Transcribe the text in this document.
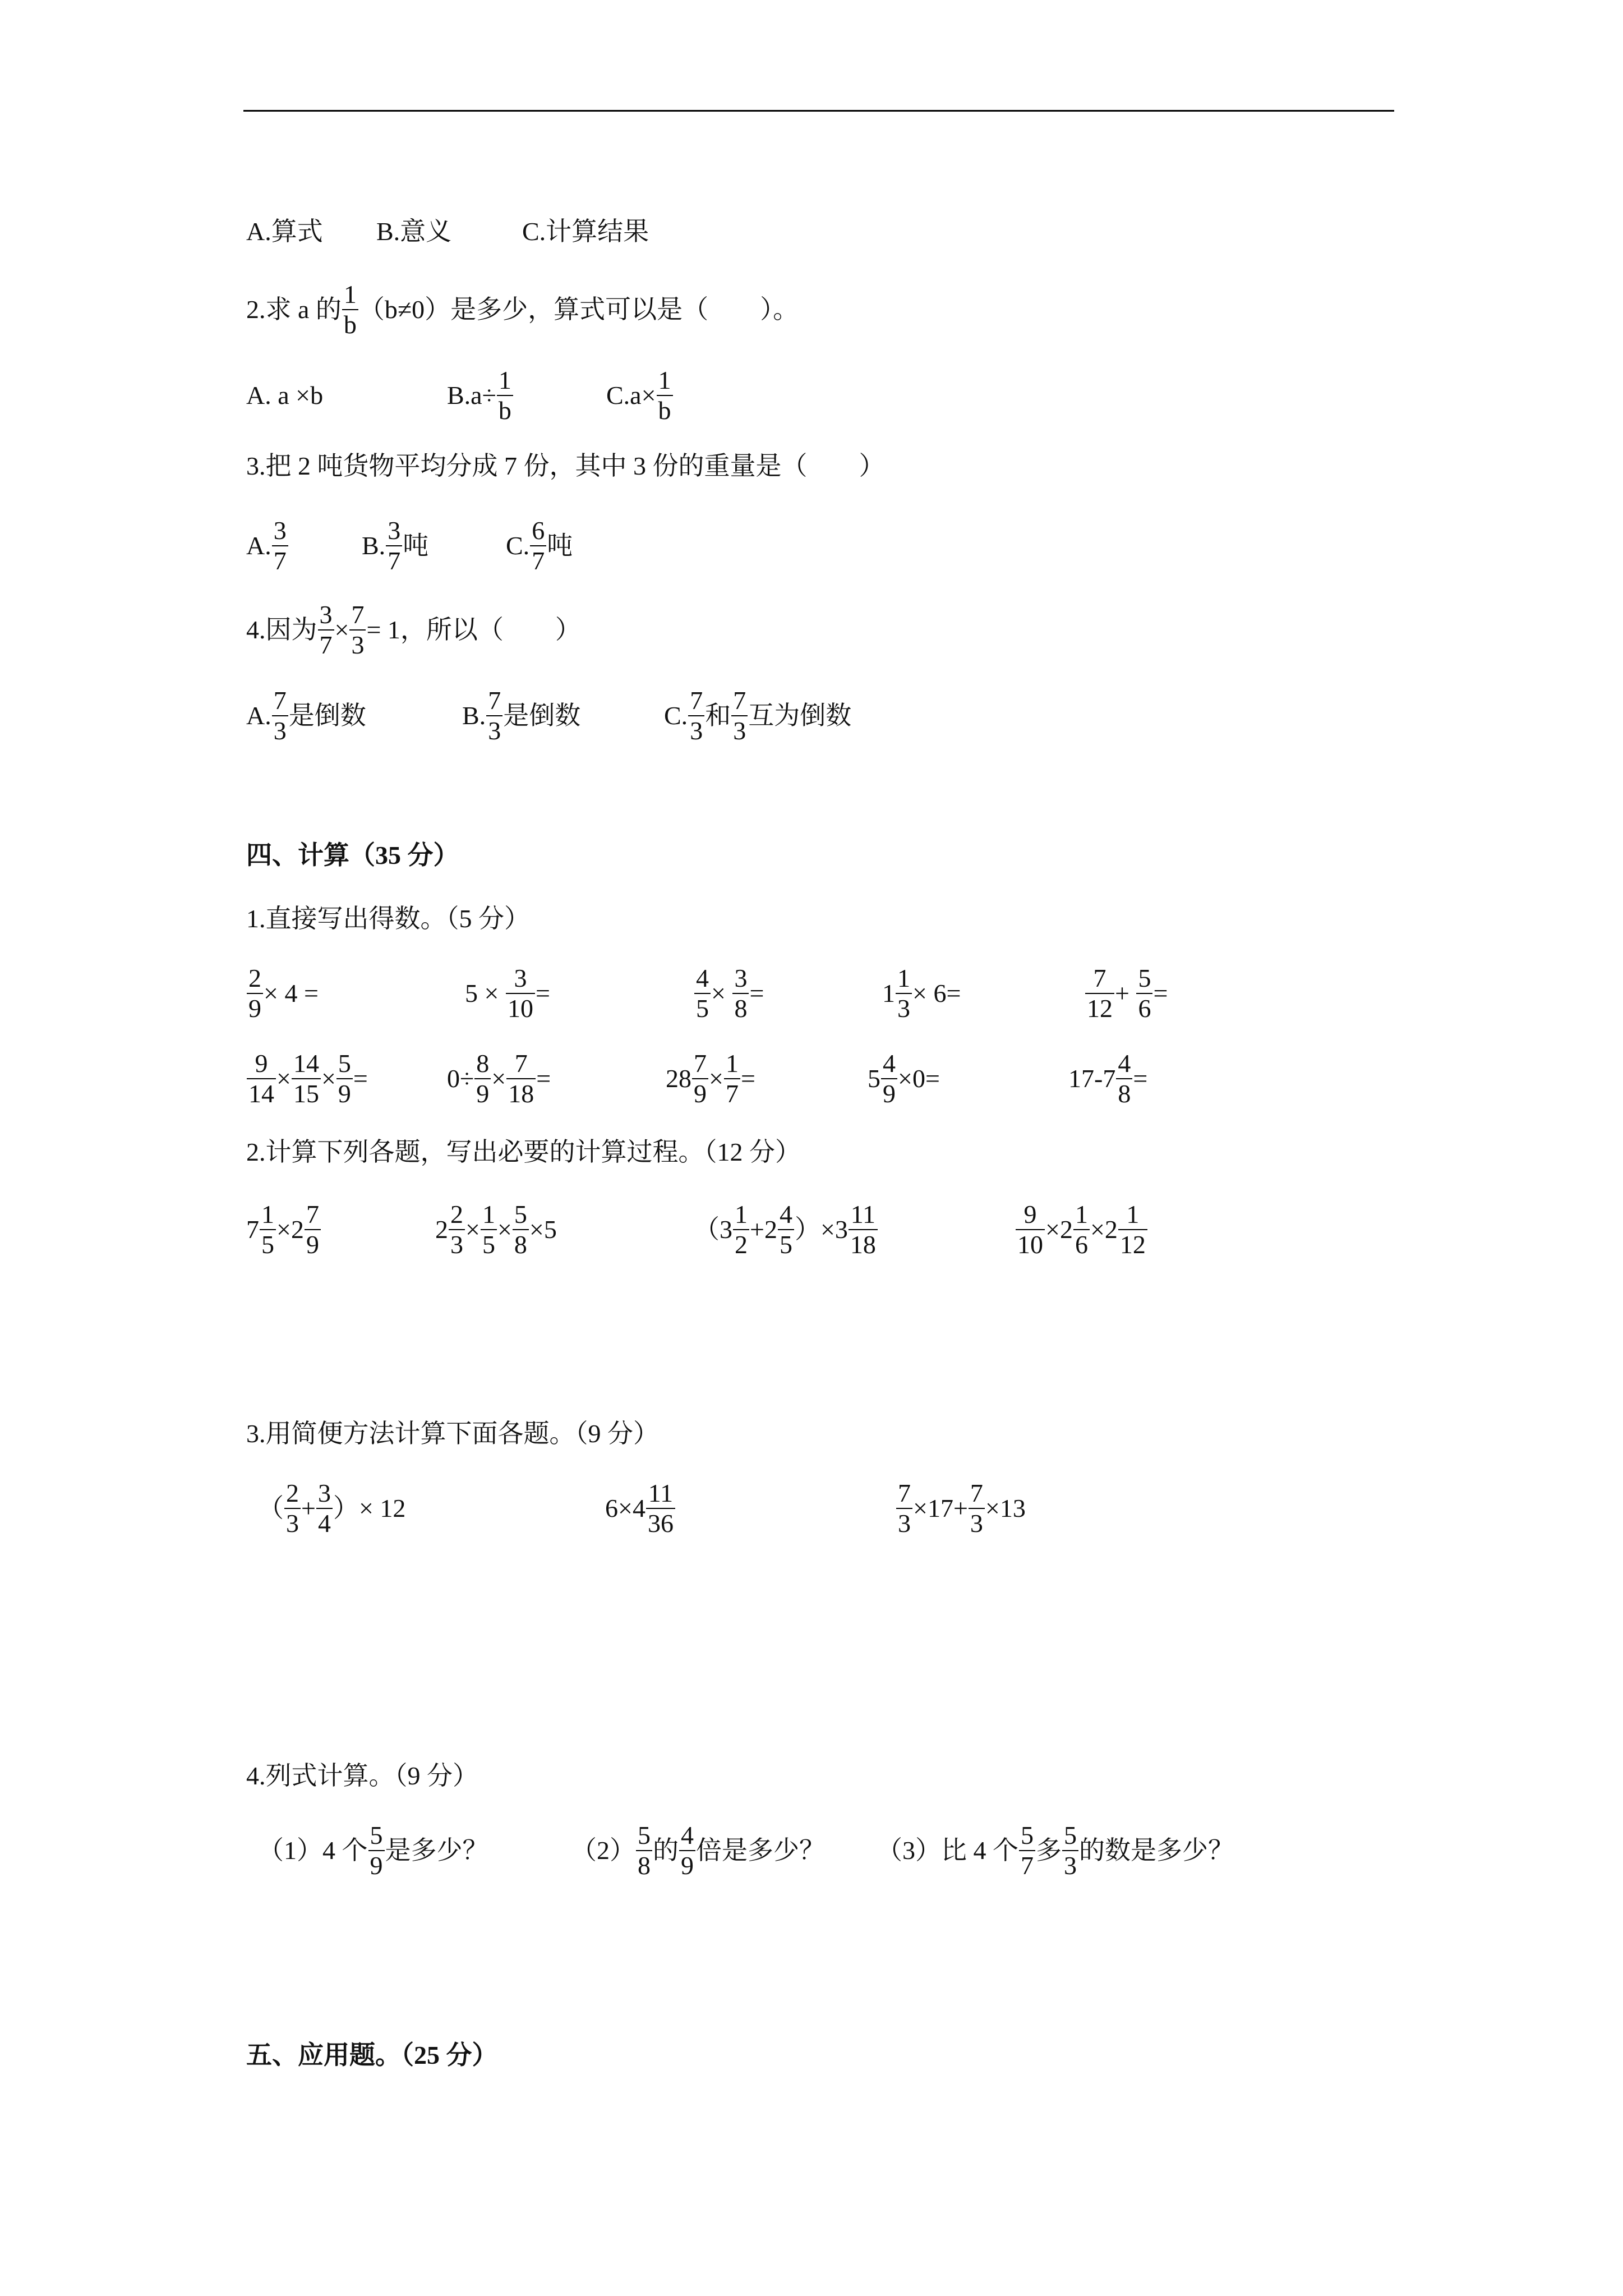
A.算式 B.意义	C.计算结果
2.求 a 的 $\frac{1}{b} (b\ne 0)$是多少，算式可以是（　　）。
A. a ×b	$B.a\div \frac{1}{b}$	$C.a\times \frac{1}{b}$
3.把 2 吨货物平均分成 7 份，其中 3 份的重量是（　　）
A. $\frac{3}{7}$	B. $\frac{3}{7}$ 吨	C. $\frac{6}{7}$ 吨
4.因为 $\frac{3}{7} \times \frac{7}{3} = 1$，所以（　　）
A. $\frac{7}{3}$ 是倒数	B. $\frac{7}{3}$ 是倒数	C. $\frac{7}{3}$ 和 $\frac{7}{3}$ 互为倒数
四、计算（35 分）
1.直接写出得数。（5 分）
$\frac{2}{9} \times 4$ =	$5 \times \frac{3}{10}$ =	$\frac{4}{5} \times \frac{3}{8}$ =	$1 \frac{1}{3} \times 6=$	$\frac{7}{12} + \frac{5}{6}$ =
$\frac{9}{14} \times \frac{14}{15} \times \frac{5}{9}$ =	$0\div \frac{8}{9} \times \frac{7}{18}$ =	$28 \frac{7}{9} \times \frac{1}{7}$ =	$5 \frac{4}{9} \times 0=$	$17-7 \frac{4}{8}$ =
2.计算下列各题，写出必要的计算过程。（12 分）
$7 \frac{1}{5} \times 2 \frac{7}{9}$	$2 \frac{2}{3} \times \frac{1}{5} \times \frac{5}{8} \times 5$	$(3 \frac{1}{2} +2 \frac{4}{5} )\times 3 \frac{11}{18}$	$\frac{9}{10} \times 2 \frac{1}{6} \times 2 \frac{1}{12}$
3.用简便方法计算下面各题。（9 分）
（ $\frac{2}{3} + \frac{3}{4}$ ）× 12	$6\times 4 \frac{11}{36}$	$\frac{7}{3} \times 17+ \frac{7}{3} \times 13$
4.列式计算。（9 分）
（1）4 个 $\frac{5}{9}$ 是多少？	$(2) \frac{5}{8}$ 的 $\frac{4}{9}$ 倍是多少？ （3）比 4 个 $\frac{5}{7}$ 多 $\frac{5}{3}$ 的数是多少？
五、应用题。（25 分）
